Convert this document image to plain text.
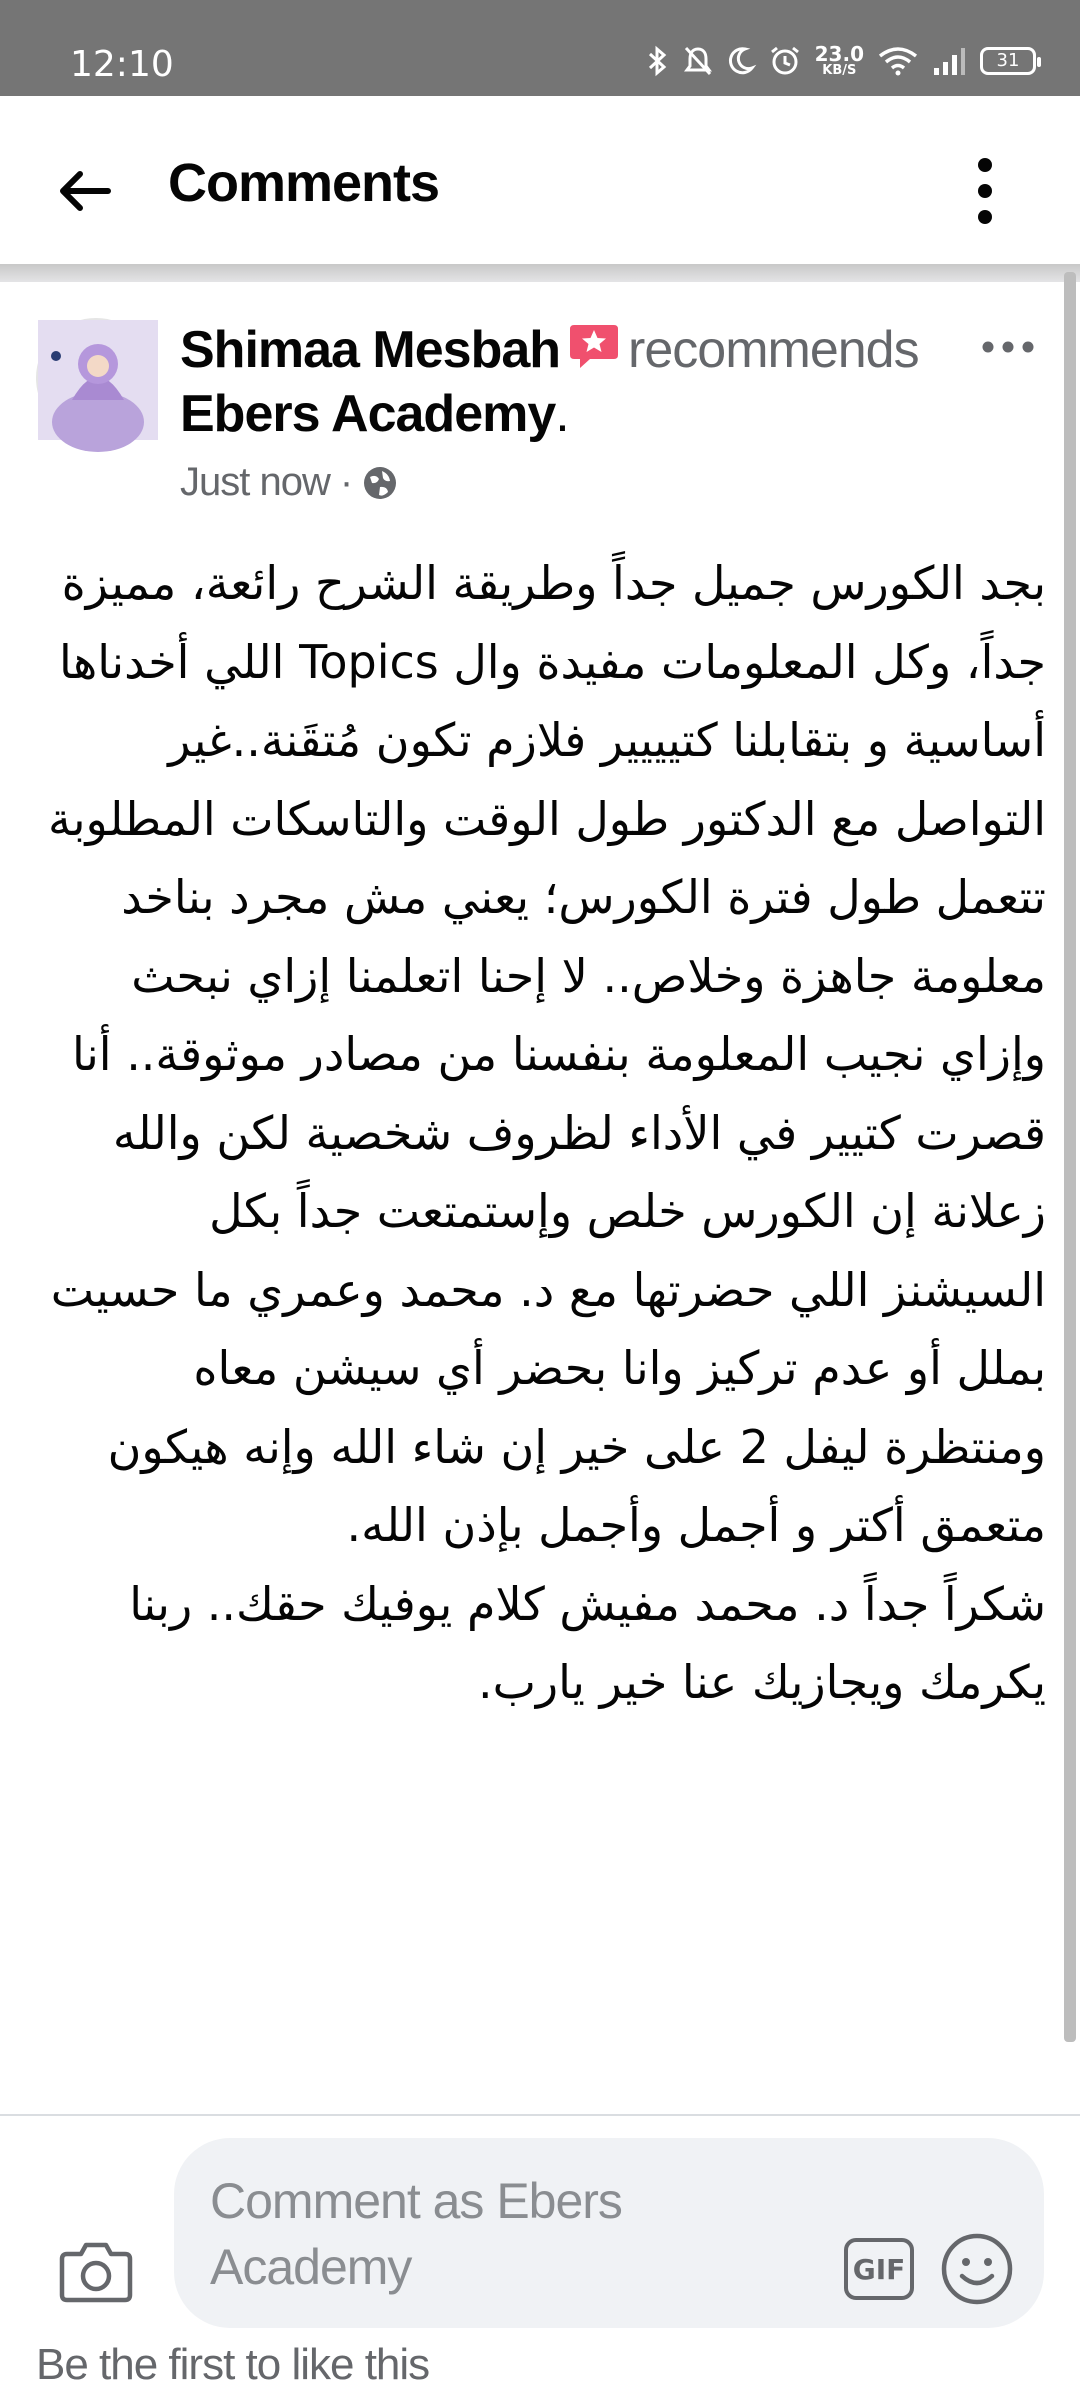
12:10	23.0
KB/S	31
Comments
Shimaa Mesbah recommends
Ebers Academy.
Just now ·
بجد الكورس جميل جداً وطريقة الشرح رائعة، مميزة جداً، وكل المعلومات مفيدة وال Topics اللي أخدناها أساسية و بتقابلنا كتيييير فلازم تكون مُتقَنة..غير التواصل مع الدكتور طول الوقت والتاسكات المطلوبة تتعمل طول فترة الكورس؛ يعني مش مجرد بناخد معلومة جاهزة وخلاص.. لا إحنا اتعلمنا إزاي نبحث وإزاي نجيب المعلومة بنفسنا من مصادر موثوقة.. أنا قصرت كتيير في الأداء لظروف شخصية لكن والله زعلانة إن الكورس خلص وإستمتعت جداً بكل السيشنز اللي حضرتها مع د. محمد وعمري ما حسيت بملل أو عدم تركيز وانا بحضر أي سيشن معاه ومنتظرة ليفل 2 على خير إن شاء الله وإنه هيكون متعمق أكتر و أجمل وأجمل بإذن الله.
شكراً جداً د. محمد مفيش كلام يوفيك حقك.. ربنا يكرمك ويجازيك عنا خير يارب.
Be the first to like this
Comment as Ebers Academy	GIF
